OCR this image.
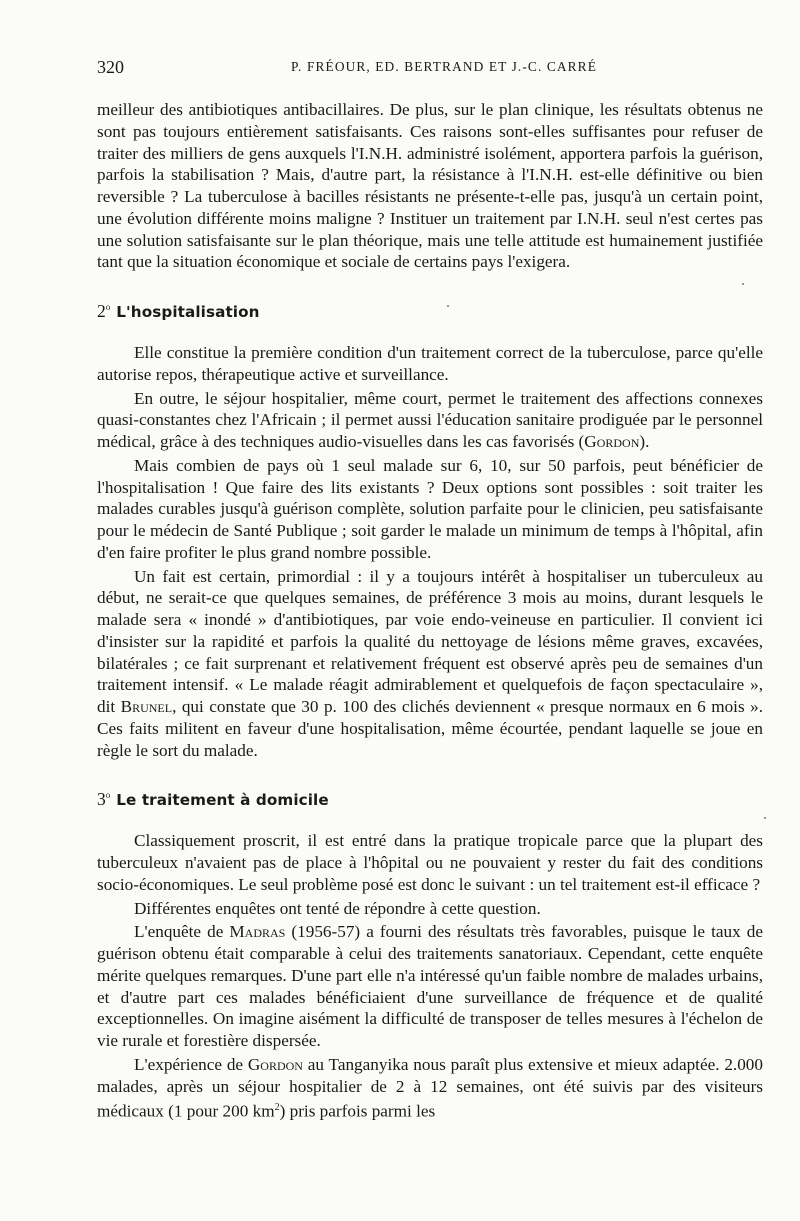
320	P. FRÉOUR, ED. BERTRAND ET J.-C. CARRÉ

meilleur des antibiotiques antibacillaires. De plus, sur le plan clinique, les résultats obtenus ne sont pas toujours entièrement satisfaisants. Ces raisons sont-elles suffisantes pour refuser de traiter des milliers de gens auxquels l'I.N.H. administré isolément, apportera parfois la guérison, parfois la stabilisation ? Mais, d'autre part, la résistance à l'I.N.H. est-elle définitive ou bien reversible ? La tuberculose à bacilles résistants ne présente-t-elle pas, jusqu'à un certain point, une évolution différente moins maligne ? Instituer un traitement par I.N.H. seul n'est certes pas une solution satisfaisante sur le plan théorique, mais une telle attitude est humainement justifiée tant que la situation économique et sociale de certains pays l'exigera.

2$^o$ L'hospitalisation

Elle constitue la première condition d'un traitement correct de la tuberculose, parce qu'elle autorise repos, thérapeutique active et surveillance.

En outre, le séjour hospitalier, même court, permet le traitement des affections connexes quasi-constantes chez l'Africain ; il permet aussi l'éducation sanitaire prodiguée par le personnel médical, grâce à des techniques audio-visuelles dans les cas favorisés (Gordon).

Mais combien de pays où 1 seul malade sur 6, 10, sur 50 parfois, peut bénéficier de l'hospitalisation ! Que faire des lits existants ? Deux options sont possibles : soit traiter les malades curables jusqu'à guérison complète, solution parfaite pour le clinicien, peu satisfaisante pour le médecin de Santé Publique ; soit garder le malade un minimum de temps à l'hôpital, afin d'en faire profiter le plus grand nombre possible.

Un fait est certain, primordial : il y a toujours intérêt à hospitaliser un tuberculeux au début, ne serait-ce que quelques semaines, de préférence 3 mois au moins, durant lesquels le malade sera « inondé » d'antibiotiques, par voie endo-veineuse en particulier. Il convient ici d'insister sur la rapidité et parfois la qualité du nettoyage de lésions même graves, excavées, bilatérales ; ce fait surprenant et relativement fréquent est observé après peu de semaines d'un traitement intensif. « Le malade réagit admirablement et quelquefois de façon spectaculaire », dit Brunel, qui constate que 30 p. 100 des clichés deviennent « presque normaux en 6 mois ». Ces faits militent en faveur d'une hospitalisation, même écourtée, pendant laquelle se joue en règle le sort du malade.

3$^o$ Le traitement à domicile

Classiquement proscrit, il est entré dans la pratique tropicale parce que la plupart des tuberculeux n'avaient pas de place à l'hôpital ou ne pouvaient y rester du fait des conditions socio-économiques. Le seul problème posé est donc le suivant : un tel traitement est-il efficace ?

Différentes enquêtes ont tenté de répondre à cette question.

L'enquête de Madras (1956-57) a fourni des résultats très favorables, puisque le taux de guérison obtenu était comparable à celui des traitements sanatoriaux. Cependant, cette enquête mérite quelques remarques. D'une part elle n'a intéressé qu'un faible nombre de malades urbains, et d'autre part ces malades bénéficiaient d'une surveillance de fréquence et de qualité exceptionnelles. On imagine aisément la difficulté de transposer de telles mesures à l'échelon de vie rurale et forestière dispersée.

L'expérience de Gordon au Tanganyika nous paraît plus extensive et mieux adaptée. 2.000 malades, après un séjour hospitalier de 2 à 12 semaines, ont été suivis par des visiteurs médicaux (1 pour 200 $km^2$) pris parfois parmi les
